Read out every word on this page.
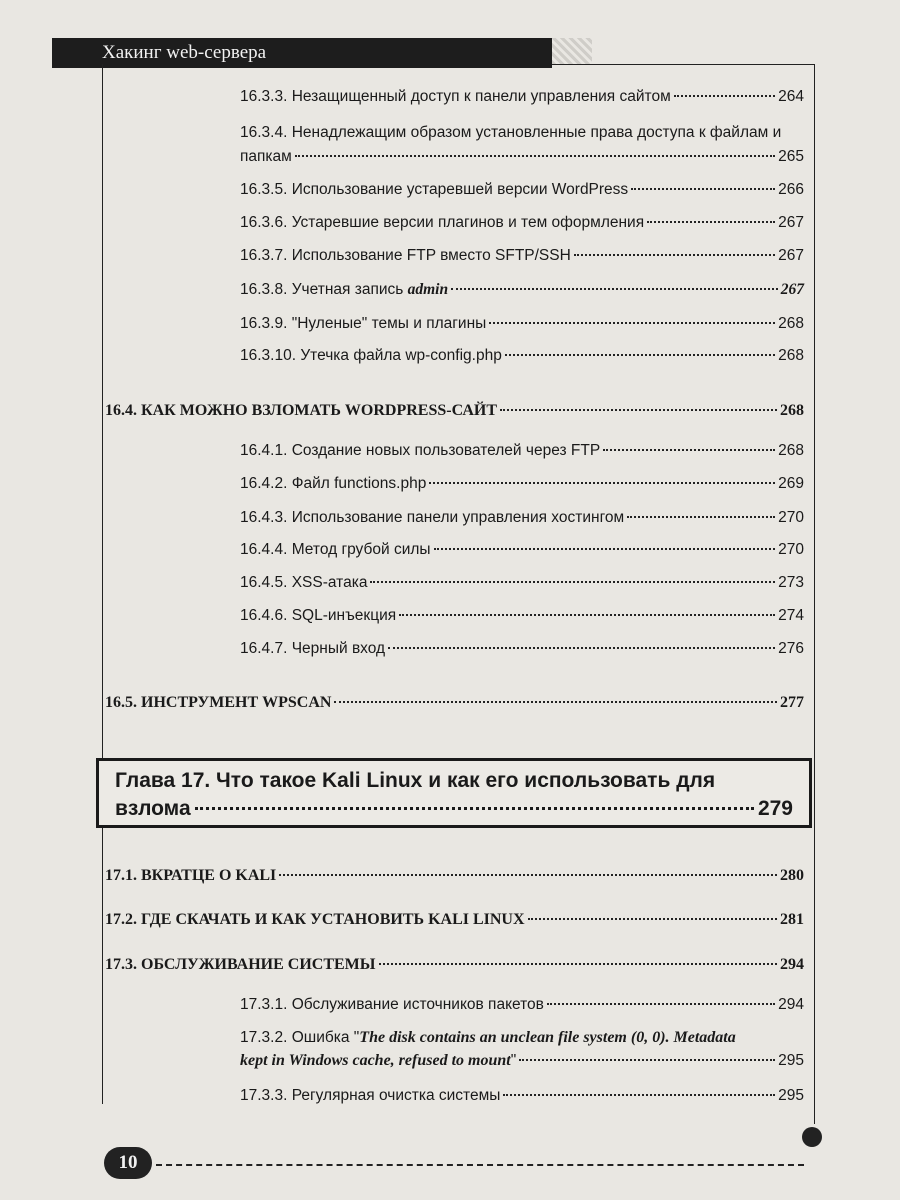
Хакинг web-сервера
16.3.3. Незащищенный доступ к панели управления сайтом	264
16.3.4. Ненадлежащим образом установленные права доступа к файлам и
папкам	265
16.3.5. Использование устаревшей версии WordPress	266
16.3.6. Устаревшие версии плагинов и тем оформления	267
16.3.7. Использование FTP вместо SFTP/SSH	267
16.3.8. Учетная запись admin	267
16.3.9. "Нуленые" темы и плагины	268
16.3.10. Утечка файла wp-config.php	268
16.4. КАК МОЖНО ВЗЛОМАТЬ WORDPRESS-САЙТ	268
16.4.1. Создание новых пользователей через FTP	268
16.4.2. Файл functions.php	269
16.4.3. Использование панели управления хостингом	270
16.4.4. Метод грубой силы	270
16.4.5. XSS-атака	273
16.4.6. SQL-инъекция	274
16.4.7. Черный вход	276
16.5. ИНСТРУМЕНТ WPSCAN	277
Глава 17. Что такое Kali Linux и как его использовать для
взлома	279
17.1. ВКРАТЦЕ О KALI	280
17.2. ГДЕ СКАЧАТЬ И КАК УСТАНОВИТЬ KALI LINUX	281
17.3. ОБСЛУЖИВАНИЕ СИСТЕМЫ	294
17.3.1. Обслуживание источников пакетов	294
17.3.2. Ошибка "The disk contains an unclean file system (0, 0). Metadata
kept in Windows cache, refused to mount"	295
17.3.3. Регулярная очистка системы	295
10
